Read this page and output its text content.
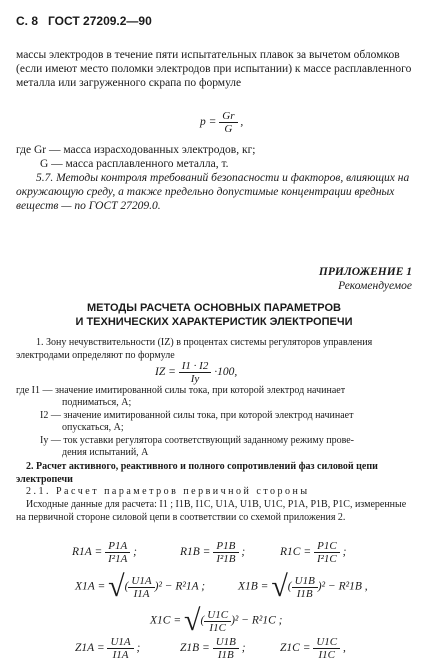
С. 8 ГОСТ 27209.2—90
массы электродов в течение пяти испытательных плавок за вычетом обломков (если имеют место поломки электродов при испытании) к массе расплавленного металла или загруженного скрапа по формуле
$р = \frac{Gr}{G}$ ,
где Gr — масса израсходованных электродов, кг;
G — масса расплавленного металла, т.
5.7. Методы контроля требований безопасности и факторов, влияющих на окружающую среду, а также предельно допустимые концентрации вредных веществ — по ГОСТ 27209.0.
ПРИЛОЖЕНИЕ 1
Рекомендуемое
МЕТОДЫ РАСЧЕТА ОСНОВНЫХ ПАРАМЕТРОВ
И ТЕХНИЧЕСКИХ ХАРАКТЕРИСТИК ЭЛЕКТРОПЕЧИ
1. Зону нечувствительности (IZ) в процентах системы регуляторов управления электродами определяют по формуле
IZ = $\frac{I1 \cdot I2}{Iу} \cdot 100$,
где I1 — значение имитированной силы тока, при которой электрод начинает
подниматься, А;
I2 — значение имитированной силы тока, при которой электрод начинает
опускаться, А;
Iу — ток уставки регулятора соответствующий заданному режиму прове-
дения испытаний, А
2. Расчет активного, реактивного и полного сопротивлений фаз силовой цепи электропечи
2.1. Расчет параметров первичной стороны
Исходные данные для расчета: I1 ; I1B, I1C, U1A, U1B, U1C, P1A, P1B, P1C, измеренные на первичной стороне силовой цепи в соответствии со схемой приложения 2.
$R1A = \frac{P1A}{\text{I²1A}}$ ;	$R1B = \frac{P1B}{\text{I²1B}}$ ;	$R1C = \frac{P1C}{\text{I²1C}}$ ;
X1A = √( $\frac{U1A}{I1A} )^2 - R^21A$ ;	X1B = √( $\frac{U1B}{I1B} )^2 - R^21B$ ,
X1C = √( $\frac{U1C}{I1C} )^2 - R^21C$ ;
$Z1A = \frac{U1A}{I1A}$ ;	$Z1B = \frac{U1B}{I1B}$ ;	$Z1C = \frac{U1C}{I1C}$ ,
